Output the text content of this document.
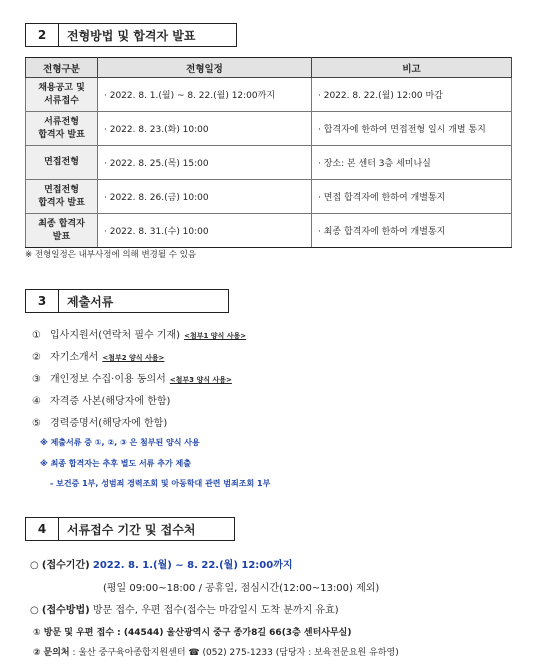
2	전형방법 및 합격자 발표
전형구분	전형일정	비고
채용공고 및
서류접수	· 2022. 8. 1.(월) ~ 8. 22.(월) 12:00까지	· 2022. 8. 22.(월) 12:00 마감
서류전형
합격자 발표	· 2022. 8. 23.(화) 10:00	· 합격자에 한하여 면접전형 일시 개별 통지
면접전형	· 2022. 8. 25.(목) 15:00	· 장소: 본 센터 3층 세미나실
면접전형
합격자 발표	· 2022. 8. 26.(금) 10:00	· 면접 합격자에 한하여 개별통지
최종 합격자
발표	· 2022. 8. 31.(수) 10:00	· 최종 합격자에 한하여 개별통지
※ 전형일정은 내부사정에 의해 변경될 수 있음
3	제출서류
① 입사지원서(연락처 필수 기재) <첨부1 양식 사용>
② 자기소개서 <첨부2 양식 사용>
③ 개인정보 수집·이용 동의서 <첨부3 양식 사용>
④ 자격증 사본(해당자에 한함)
⑤ 경력증명서(해당자에 한함)
※ 제출서류 중 ①, ②, ③ 은 첨부된 양식 사용
※ 최종 합격자는 추후 별도 서류 추가 제출
- 보건증 1부, 성범죄 경력조회 및 아동학대 관련 범죄조회 1부
4	서류접수 기간 및 접수처
○ (접수기간) 2022. 8. 1.(월) ~ 8. 22.(월) 12:00까지
(평일 09:00~18:00 / 공휴일, 점심시간(12:00~13:00) 제외)
○ (접수방법) 방문 접수, 우편 접수(접수는 마감일시 도착 분까지 유효)
① 방문 및 우편 접수 : (44544) 울산광역시 중구 종가8길 66(3층 센터사무실)
② 문의처 : 울산 중구육아종합지원센터 ☎ (052) 275-1233 (담당자 : 보육전문요원 유하영)
